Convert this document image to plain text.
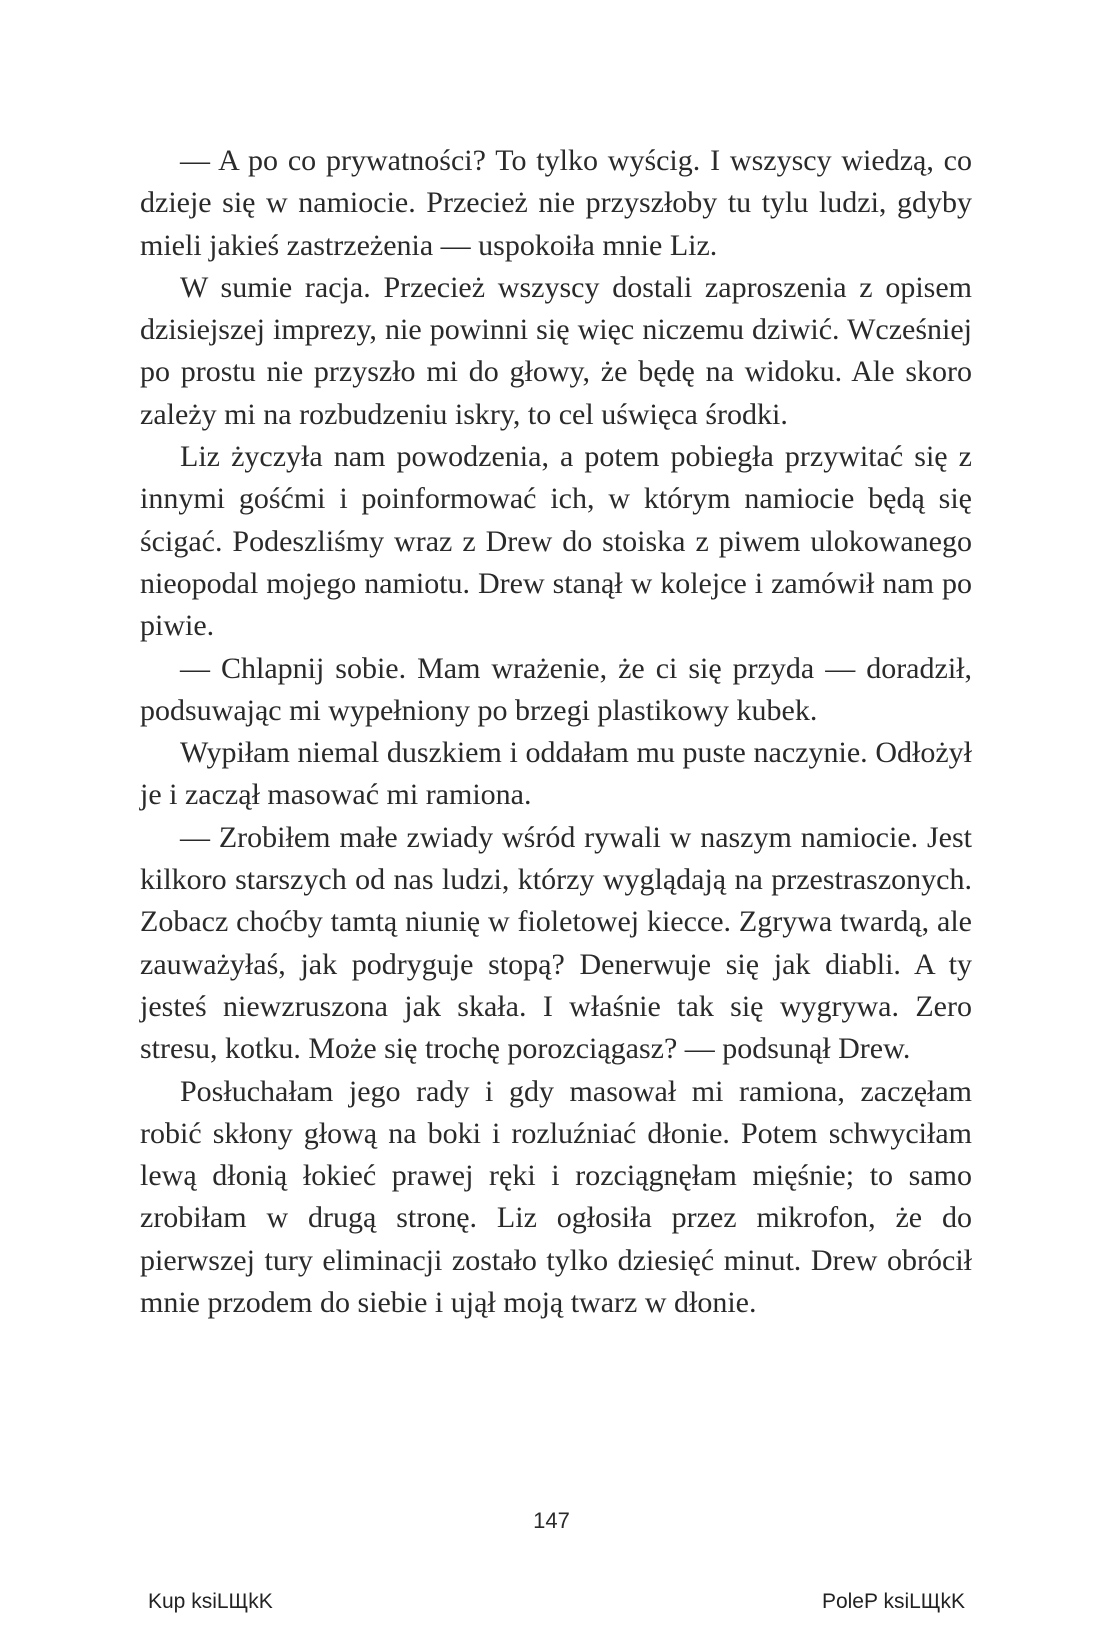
— A po co prywatności? To tylko wyścig. I wszyscy wiedzą, co dzieje się w namiocie. Przecież nie przyszłoby tu tylu ludzi, gdyby mieli jakieś zastrzeżenia — uspokoiła mnie Liz.

W sumie racja. Przecież wszyscy dostali zaproszenia z opisem dzisiejszej imprezy, nie powinni się więc niczemu dziwić. Wcześniej po prostu nie przyszło mi do głowy, że będę na widoku. Ale skoro zależy mi na rozbudzeniu iskry, to cel uświęca środki.

Liz życzyła nam powodzenia, a potem pobiegła przywitać się z innymi gośćmi i poinformować ich, w którym namiocie będą się ścigać. Podeszliśmy wraz z Drew do stoiska z piwem ulokowanego nieopodal mojego namiotu. Drew stanął w kolejce i zamówił nam po piwie.

— Chlapnij sobie. Mam wrażenie, że ci się przyda — doradził, podsuwając mi wypełniony po brzegi plastikowy kubek.

Wypiłam niemal duszkiem i oddałam mu puste naczynie. Odłożył je i zaczął masować mi ramiona.

— Zrobiłem małe zwiady wśród rywali w naszym namiocie. Jest kilkoro starszych od nas ludzi, którzy wyglądają na przestraszonych. Zobacz choćby tamtą niunię w fioletowej kiecce. Zgrywa twardą, ale zauważyłaś, jak podryguje stopą? Denerwuje się jak diabli. A ty jesteś niewzruszona jak skała. I właśnie tak się wygrywa. Zero stresu, kotku. Może się trochę porozciągasz? — podsunął Drew.

Posłuchałam jego rady i gdy masował mi ramiona, zaczęłam robić skłony głową na boki i rozluźniać dłonie. Potem schwyciłam lewą dłonią łokieć prawej ręki i rozciągnęłam mięśnie; to samo zrobiłam w drugą stronę. Liz ogłosiła przez mikrofon, że do pierwszej tury eliminacji zostało tylko dziesięć minut. Drew obrócił mnie przodem do siebie i ujął moją twarz w dłonie.

147
Kup ksiLЩkK	PoleP ksiLЩkK
